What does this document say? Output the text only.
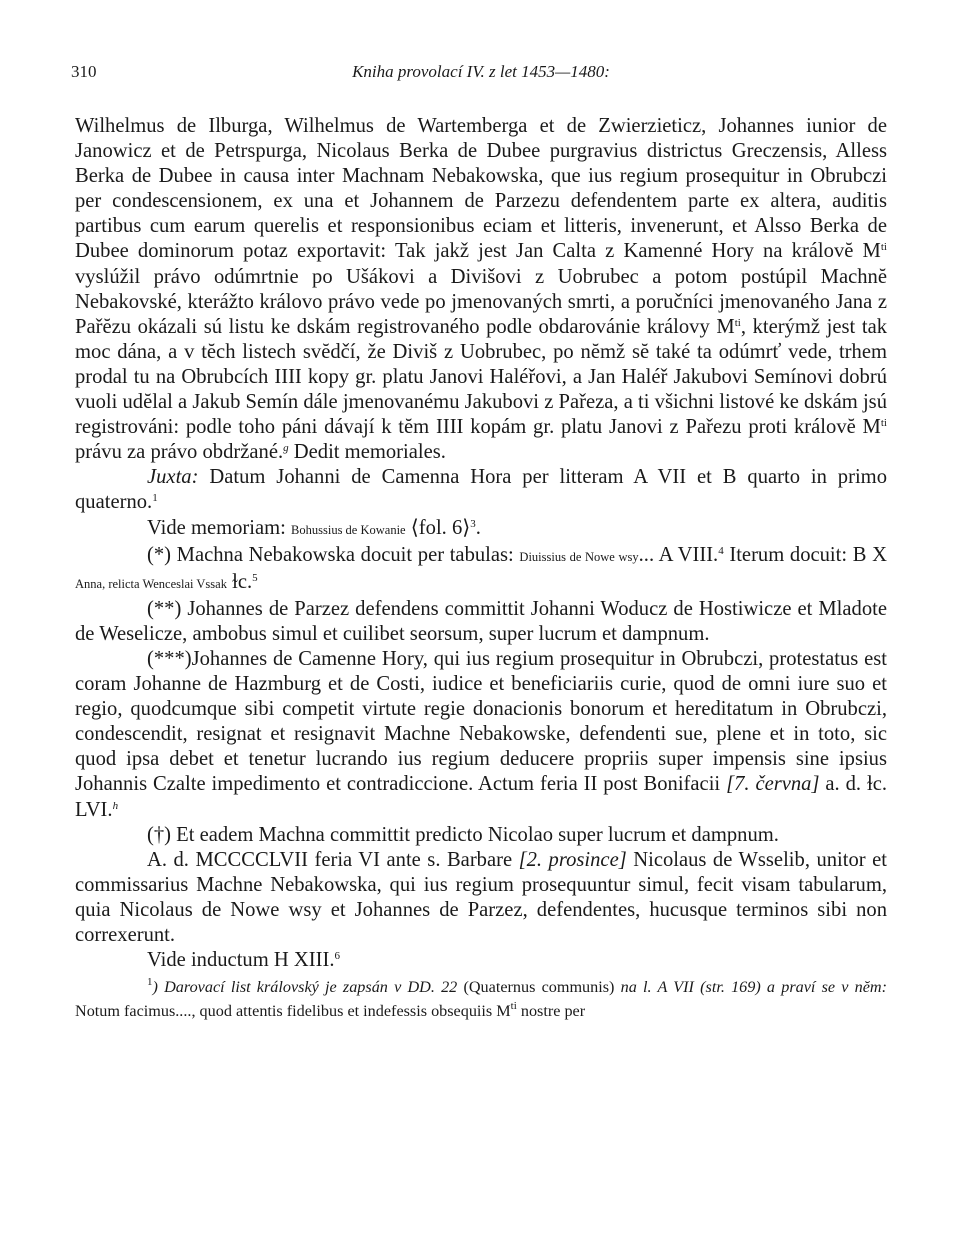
310	Kniha provolací IV. z let 1453—1480:

Wilhelmus de Ilburga, Wilhelmus de Wartemberga et de Zwierzieticz, Johannes iunior de Janowicz et de Petrspurga, Nicolaus Berka de Dubee purgravius districtus Greczensis, Alless Berka de Dubee in causa inter Machnam Nebakowska, que ius regium prosequitur in Obrubczi per condescensionem, ex una et Johannem de Parzezu defendentem parte ex altera, auditis partibus cum earum querelis et responsionibus eciam et litteris, invenerunt, et Alsso Berka de Dubee dominorum potaz exportavit: Tak jakž jest Jan Calta z Kamenné Hory na královĕ $M^{ti}$ vyslúžil právo odúmrtnie po Ušákovi a Divišovi z Uobrubec a potom postúpil Machnĕ Nebakovské, kterážto královo právo vede po jmenovaných smrti, a poručníci jmenovaného Jana z Pařĕzu okázali sú listu ke dskám registrovaného podle obdarovánie královy $M^{ti}$, kterýmž jest tak moc dána, a v tĕch listech svĕdčí, že Diviš z Uobrubec, po nĕmž sĕ také ta odúmrť vede, trhem prodal tu na Obrubcích IIII kopy gr. platu Janovi Haléřovi, a Jan Haléř Jakubovi Semínovi dobrú vuoli udĕlal a Jakub Semín dále jmenovanému Jakubovi z Pařeza, a ti všichni listové ke dskám jsú registrováni: podle toho páni dávají k tĕm IIII kopám gr. platu Janovi z Pařezu proti královĕ $M^{ti}$ právu za právo obdržané.$^g$ Dedit memoriales.

Juxta: Datum Johanni de Camenna Hora per litteram A VII et B quarto in primo quaterno.$^1$

Vide memoriam: Bohussius de Kowanie ⟨fol. 6⟩$^3$.

(*) Machna Nebakowska docuit per tabulas: Diuissius de Nowe wsy... A VIII.$^4$ Iterum docuit: B X Anna, relicta Wenceslai Vssak ɫc.$^5$

(**) Johannes de Parzez defendens committit Johanni Woducz de Hostiwicze et Mladote de Weselicze, ambobus simul et cuilibet seorsum, super lucrum et dampnum.

(***)Johannes de Camenne Hory, qui ius regium prosequitur in Obrubczi, protestatus est coram Johanne de Hazmburg et de Costi, iudice et beneficiariis curie, quod de omni iure suo et regio, quodcumque sibi competit virtute regie donacionis bonorum et hereditatum in Obrubczi, condescendit, resignat et resignavit Machne Nebakowske, defendenti sue, plene et in toto, sic quod ipsa debet et tenetur lucrando ius regium deducere propriis super impensis sine ipsius Johannis Czalte impedimento et contradiccione. Actum feria II post Bonifacii [7. června] a. d. ɫc. LVI.$^h$

(†) Et eadem Machna committit predicto Nicolao super lucrum et dampnum.

A. d. MCCCCLVII feria VI ante s. Barbare [2. prosince] Nicolaus de Wsselib, unitor et commissarius Machne Nebakowska, qui ius regium prosequuntur simul, fecit visam tabularum, quia Nicolaus de Nowe wsy et Johannes de Parzez, defendentes, hucusque terminos sibi non correxerunt.

Vide inductum H XIII.$^6$

$^1$) Darovací list královský je zapsán v DD. 22 (Quaternus communis) na l. A VII (str. 169) a praví se v nĕm: Notum facimus...., quod attentis fidelibus et indefessis obsequiis $M^{ti}$ nostre per
